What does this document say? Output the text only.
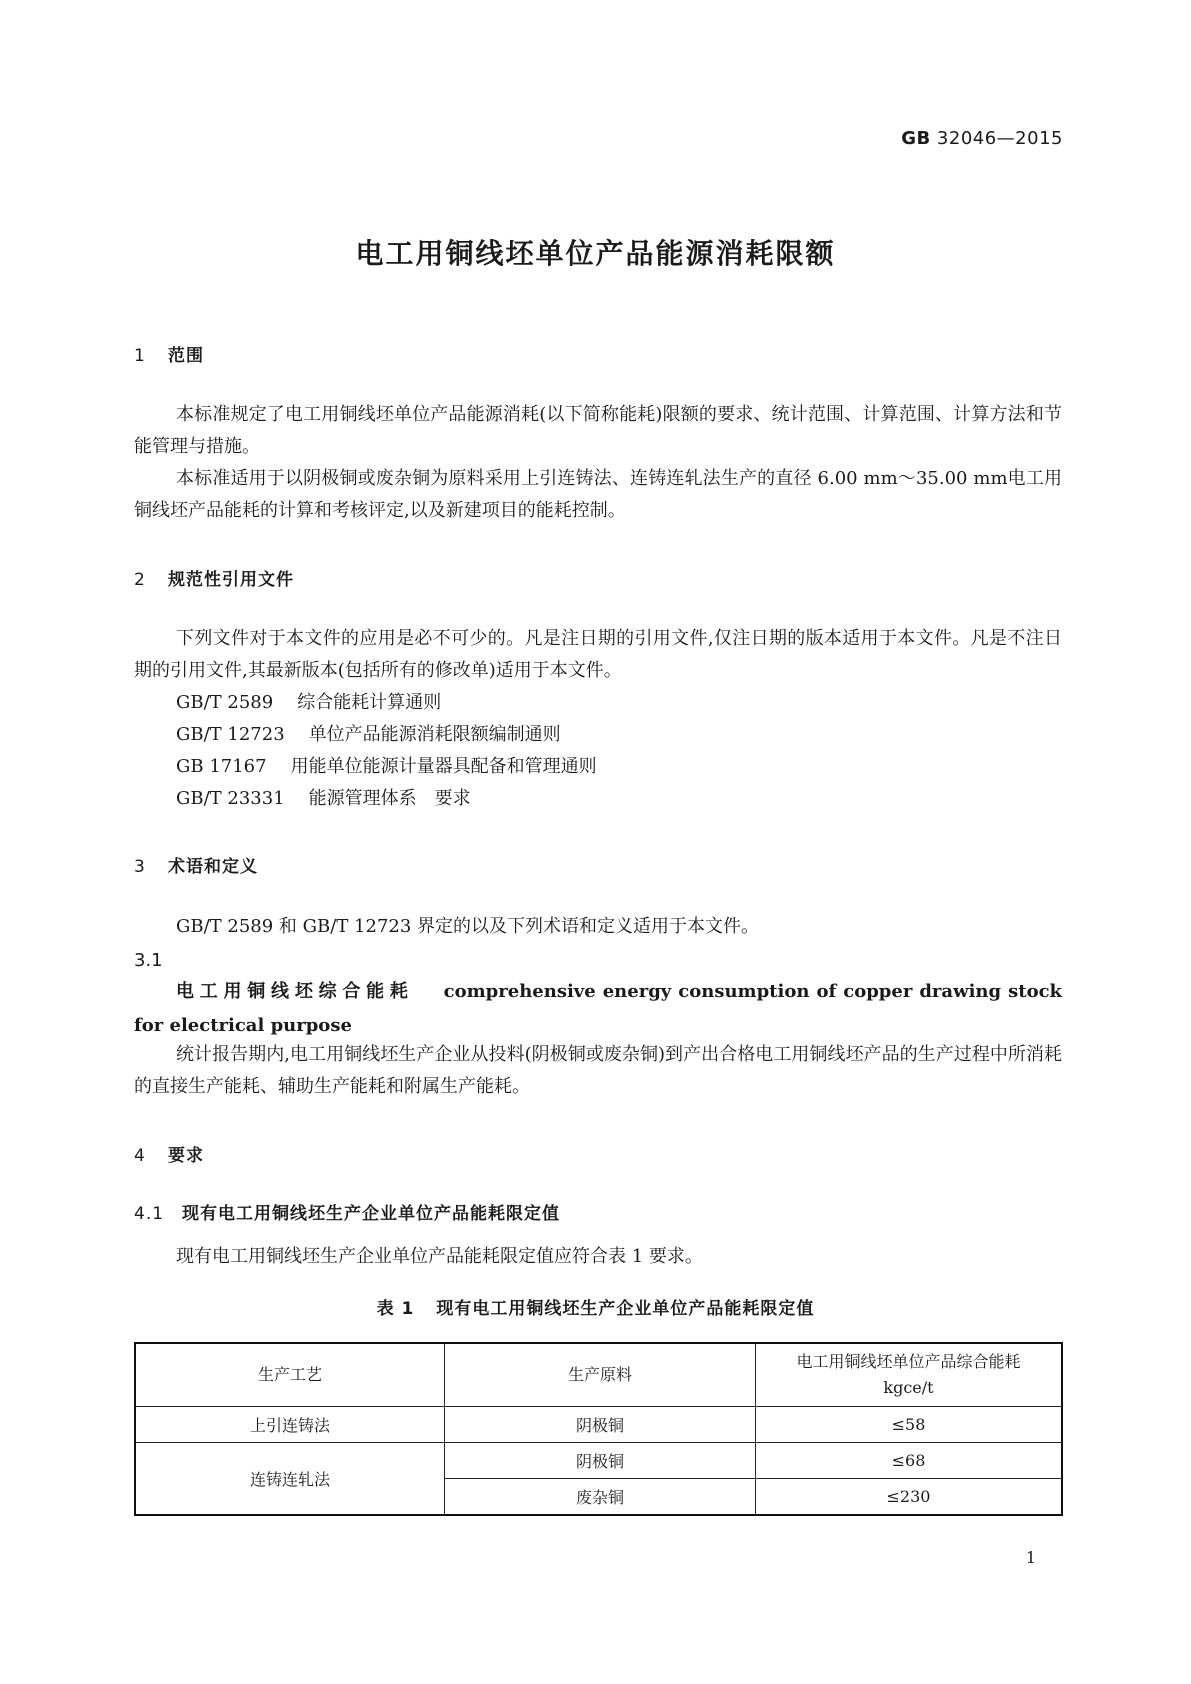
GB 32046—2015
电工用铜线坯单位产品能源消耗限额
1 范围
本标准规定了电工用铜线坯单位产品能源消耗(以下简称能耗)限额的要求、统计范围、计算范围、计算方法和节能管理与措施。
本标准适用于以阴极铜或废杂铜为原料采用上引连铸法、连铸连轧法生产的直径 6.00 mm～35.00 mm电工用铜线坯产品能耗的计算和考核评定,以及新建项目的能耗控制。
2 规范性引用文件
下列文件对于本文件的应用是必不可少的。凡是注日期的引用文件,仅注日期的版本适用于本文件。凡是不注日期的引用文件,其最新版本(包括所有的修改单)适用于本文件。
GB/T 2589 综合能耗计算通则
GB/T 12723 单位产品能源消耗限额编制通则
GB 17167 用能单位能源计量器具配备和管理通则
GB/T 23331 能源管理体系　要求
3 术语和定义
GB/T 2589 和 GB/T 12723 界定的以及下列术语和定义适用于本文件。
3.1
电工用铜线坯综合能耗 comprehensive energy consumption of copper drawing stock for electrical purpose
统计报告期内,电工用铜线坯生产企业从投料(阴极铜或废杂铜)到产出合格电工用铜线坯产品的生产过程中所消耗的直接生产能耗、辅助生产能耗和附属生产能耗。
4 要求
4.1 现有电工用铜线坯生产企业单位产品能耗限定值
现有电工用铜线坯生产企业单位产品能耗限定值应符合表 1 要求。
表 1 现有电工用铜线坯生产企业单位产品能耗限定值
生产工艺	生产原料	电工用铜线坯单位产品综合能耗
kgce/t

上引连铸法	阴极铜	≤58
连铸连轧法	阴极铜	≤68
	废杂铜	≤230
1
